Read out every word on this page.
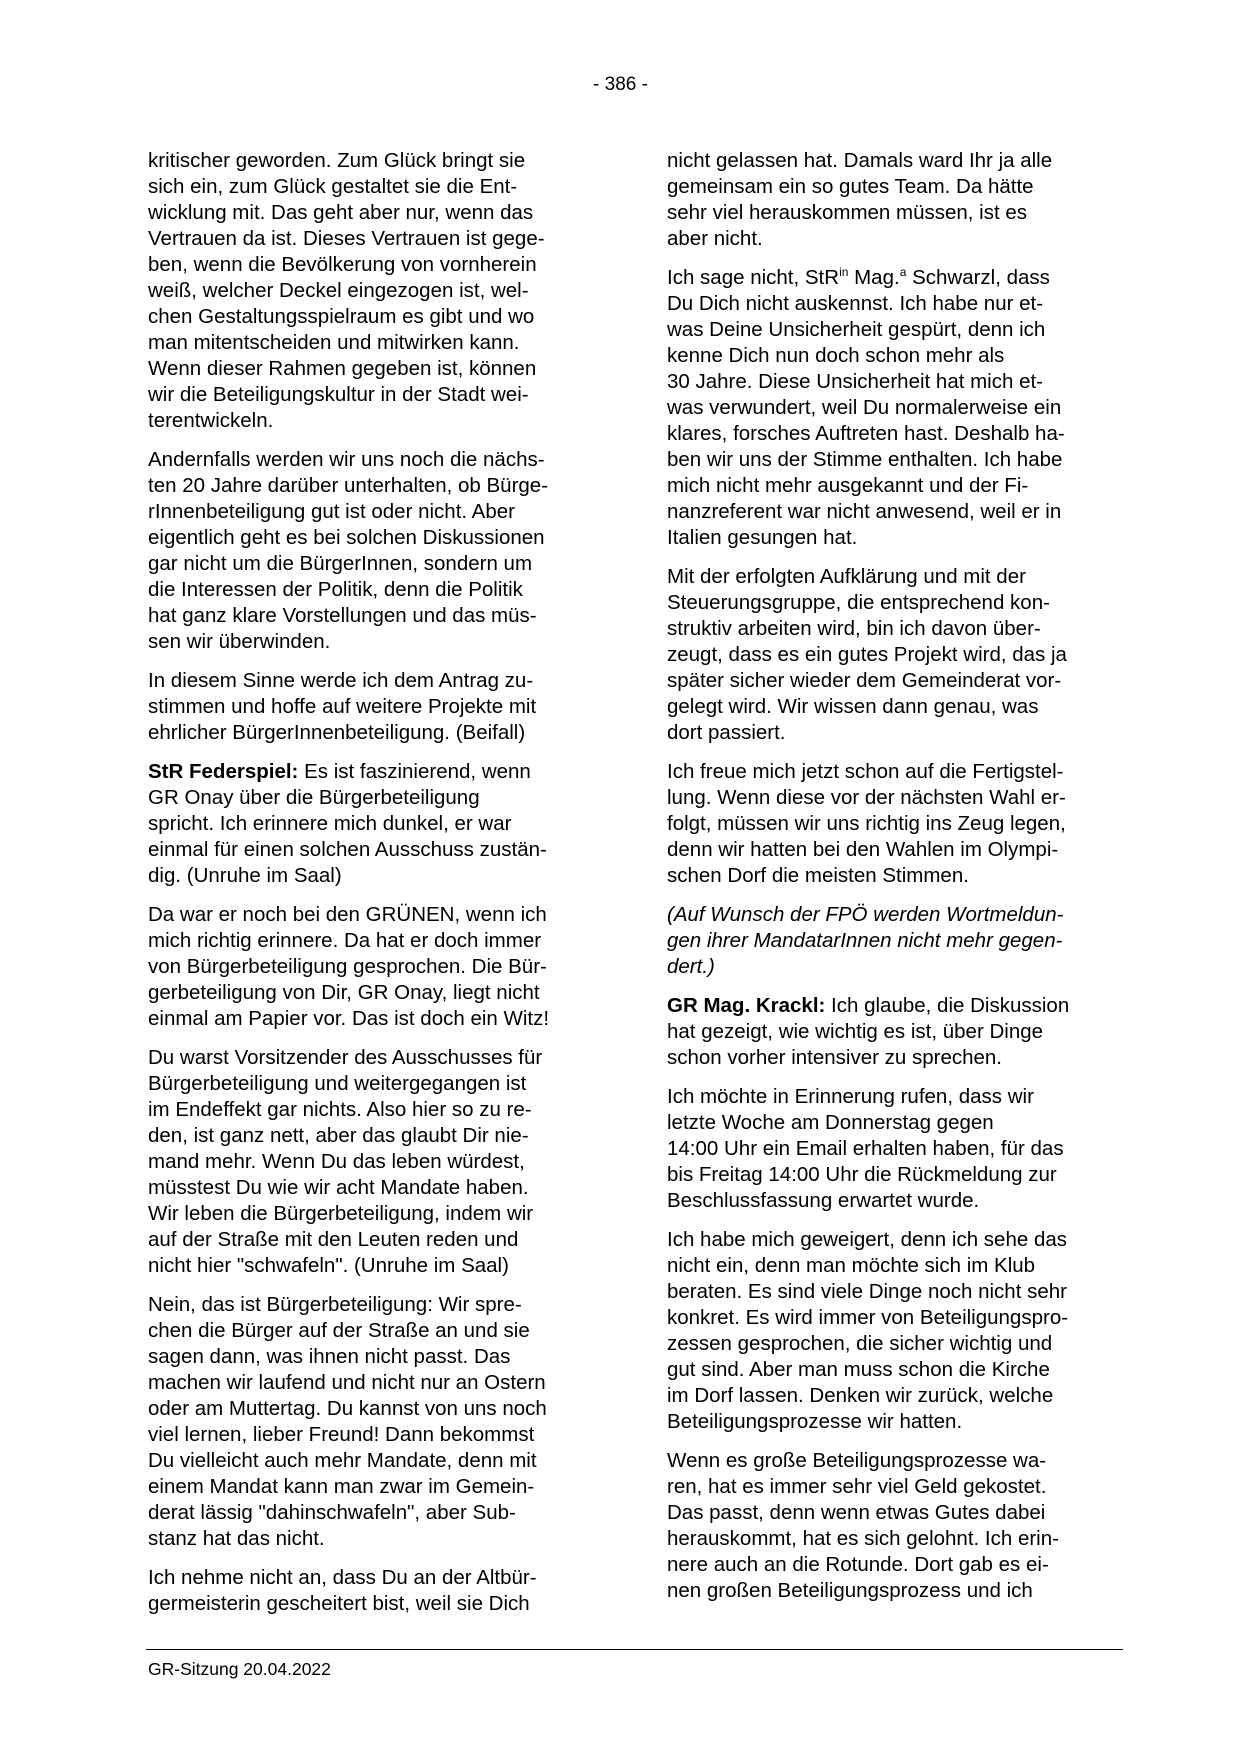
- 386 -

kritischer geworden. Zum Glück bringt sie
sich ein, zum Glück gestaltet sie die Ent-
wicklung mit. Das geht aber nur, wenn das
Vertrauen da ist. Dieses Vertrauen ist gege-
ben, wenn die Bevölkerung von vornherein
weiß, welcher Deckel eingezogen ist, wel-
chen Gestaltungsspielraum es gibt und wo
man mitentscheiden und mitwirken kann.
Wenn dieser Rahmen gegeben ist, können
wir die Beteiligungskultur in der Stadt wei-
terentwickeln.

Andernfalls werden wir uns noch die nächs-
ten 20 Jahre darüber unterhalten, ob Bürge-
rInnenbeteiligung gut ist oder nicht. Aber
eigentlich geht es bei solchen Diskussionen
gar nicht um die BürgerInnen, sondern um
die Interessen der Politik, denn die Politik
hat ganz klare Vorstellungen und das müs-
sen wir überwinden.

In diesem Sinne werde ich dem Antrag zu-
stimmen und hoffe auf weitere Projekte mit
ehrlicher BürgerInnenbeteiligung. (Beifall)

StR Federspiel: Es ist faszinierend, wenn
GR Onay über die Bürgerbeteiligung
spricht. Ich erinnere mich dunkel, er war
einmal für einen solchen Ausschuss zustän-
dig. (Unruhe im Saal)

Da war er noch bei den GRÜNEN, wenn ich
mich richtig erinnere. Da hat er doch immer
von Bürgerbeteiligung gesprochen. Die Bür-
gerbeteiligung von Dir, GR Onay, liegt nicht
einmal am Papier vor. Das ist doch ein Witz!

Du warst Vorsitzender des Ausschusses für
Bürgerbeteiligung und weitergegangen ist
im Endeffekt gar nichts. Also hier so zu re-
den, ist ganz nett, aber das glaubt Dir nie-
mand mehr. Wenn Du das leben würdest,
müsstest Du wie wir acht Mandate haben.
Wir leben die Bürgerbeteiligung, indem wir
auf der Straße mit den Leuten reden und
nicht hier "schwafeln". (Unruhe im Saal)

Nein, das ist Bürgerbeteiligung: Wir spre-
chen die Bürger auf der Straße an und sie
sagen dann, was ihnen nicht passt. Das
machen wir laufend und nicht nur an Ostern
oder am Muttertag. Du kannst von uns noch
viel lernen, lieber Freund! Dann bekommst
Du vielleicht auch mehr Mandate, denn mit
einem Mandat kann man zwar im Gemein-
derat lässig "dahinschwafeln", aber Sub-
stanz hat das nicht.

Ich nehme nicht an, dass Du an der Altbür-
germeisterin gescheitert bist, weil sie Dich

nicht gelassen hat. Damals ward Ihr ja alle
gemeinsam ein so gutes Team. Da hätte
sehr viel herauskommen müssen, ist es
aber nicht.

Ich sage nicht, StR$^{in}$ Mag.$^a$ Schwarzl, dass
Du Dich nicht auskennst. Ich habe nur et-
was Deine Unsicherheit gespürt, denn ich
kenne Dich nun doch schon mehr als
30 Jahre. Diese Unsicherheit hat mich et-
was verwundert, weil Du normalerweise ein
klares, forsches Auftreten hast. Deshalb ha-
ben wir uns der Stimme enthalten. Ich habe
mich nicht mehr ausgekannt und der Fi-
nanzreferent war nicht anwesend, weil er in
Italien gesungen hat.

Mit der erfolgten Aufklärung und mit der
Steuerungsgruppe, die entsprechend kon-
struktiv arbeiten wird, bin ich davon über-
zeugt, dass es ein gutes Projekt wird, das ja
später sicher wieder dem Gemeinderat vor-
gelegt wird. Wir wissen dann genau, was
dort passiert.

Ich freue mich jetzt schon auf die Fertigstel-
lung. Wenn diese vor der nächsten Wahl er-
folgt, müssen wir uns richtig ins Zeug legen,
denn wir hatten bei den Wahlen im Olympi-
schen Dorf die meisten Stimmen.

(Auf Wunsch der FPÖ werden Wortmeldun-
gen ihrer MandatarInnen nicht mehr gegen-
dert.)

GR Mag. Krackl: Ich glaube, die Diskussion
hat gezeigt, wie wichtig es ist, über Dinge
schon vorher intensiver zu sprechen.

Ich möchte in Erinnerung rufen, dass wir
letzte Woche am Donnerstag gegen
14:00 Uhr ein Email erhalten haben, für das
bis Freitag 14:00 Uhr die Rückmeldung zur
Beschlussfassung erwartet wurde.

Ich habe mich geweigert, denn ich sehe das
nicht ein, denn man möchte sich im Klub
beraten. Es sind viele Dinge noch nicht sehr
konkret. Es wird immer von Beteiligungspro-
zessen gesprochen, die sicher wichtig und
gut sind. Aber man muss schon die Kirche
im Dorf lassen. Denken wir zurück, welche
Beteiligungsprozesse wir hatten.

Wenn es große Beteiligungsprozesse wa-
ren, hat es immer sehr viel Geld gekostet.
Das passt, denn wenn etwas Gutes dabei
herauskommt, hat es sich gelohnt. Ich erin-
nere auch an die Rotunde. Dort gab es ei-
nen großen Beteiligungsprozess und ich

GR-Sitzung 20.04.2022
